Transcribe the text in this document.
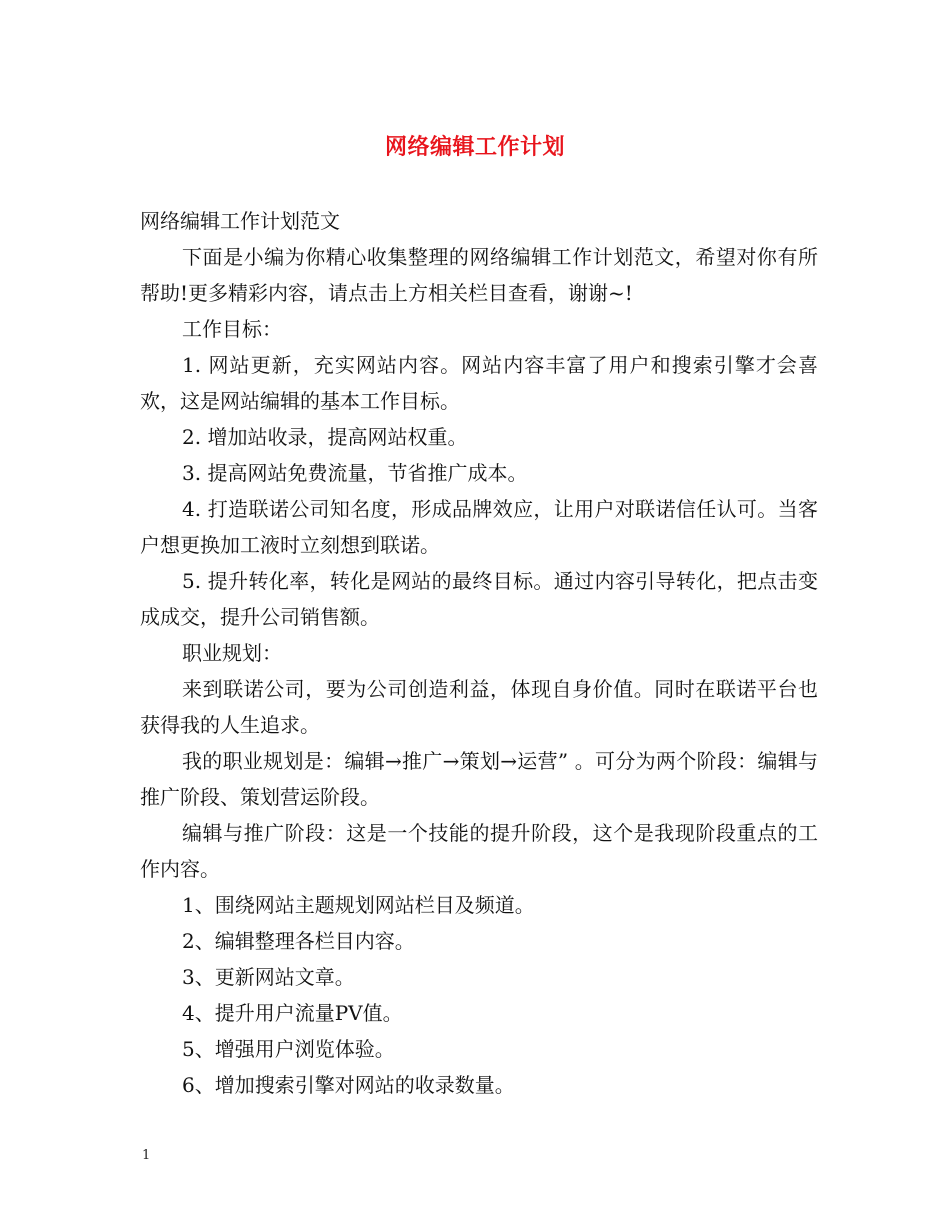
网络编辑工作计划

网络编辑工作计划范文

下面是小编为你精心收集整理的网络编辑工作计划范文，希望对你有所帮助!更多精彩内容，请点击上方相关栏目查看，谢谢~!

工作目标：

1. 网站更新，充实网站内容。网站内容丰富了用户和搜索引擎才会喜欢，这是网站编辑的基本工作目标。

2. 增加站收录，提高网站权重。

3. 提高网站免费流量，节省推广成本。

4. 打造联诺公司知名度，形成品牌效应，让用户对联诺信任认可。当客户想更换加工液时立刻想到联诺。

5. 提升转化率，转化是网站的最终目标。通过内容引导转化，把点击变成成交，提升公司销售额。

职业规划：

来到联诺公司，要为公司创造利益，体现自身价值。同时在联诺平台也获得我的人生追求。

我的职业规划是：编辑→推广→策划→运营” 。可分为两个阶段：编辑与推广阶段、策划营运阶段。

编辑与推广阶段：这是一个技能的提升阶段，这个是我现阶段重点的工作内容。

1、围绕网站主题规划网站栏目及频道。

2、编辑整理各栏目内容。

3、更新网站文章。

4、提升用户流量PV值。

5、增强用户浏览体验。

6、增加搜索引擎对网站的收录数量。

1
